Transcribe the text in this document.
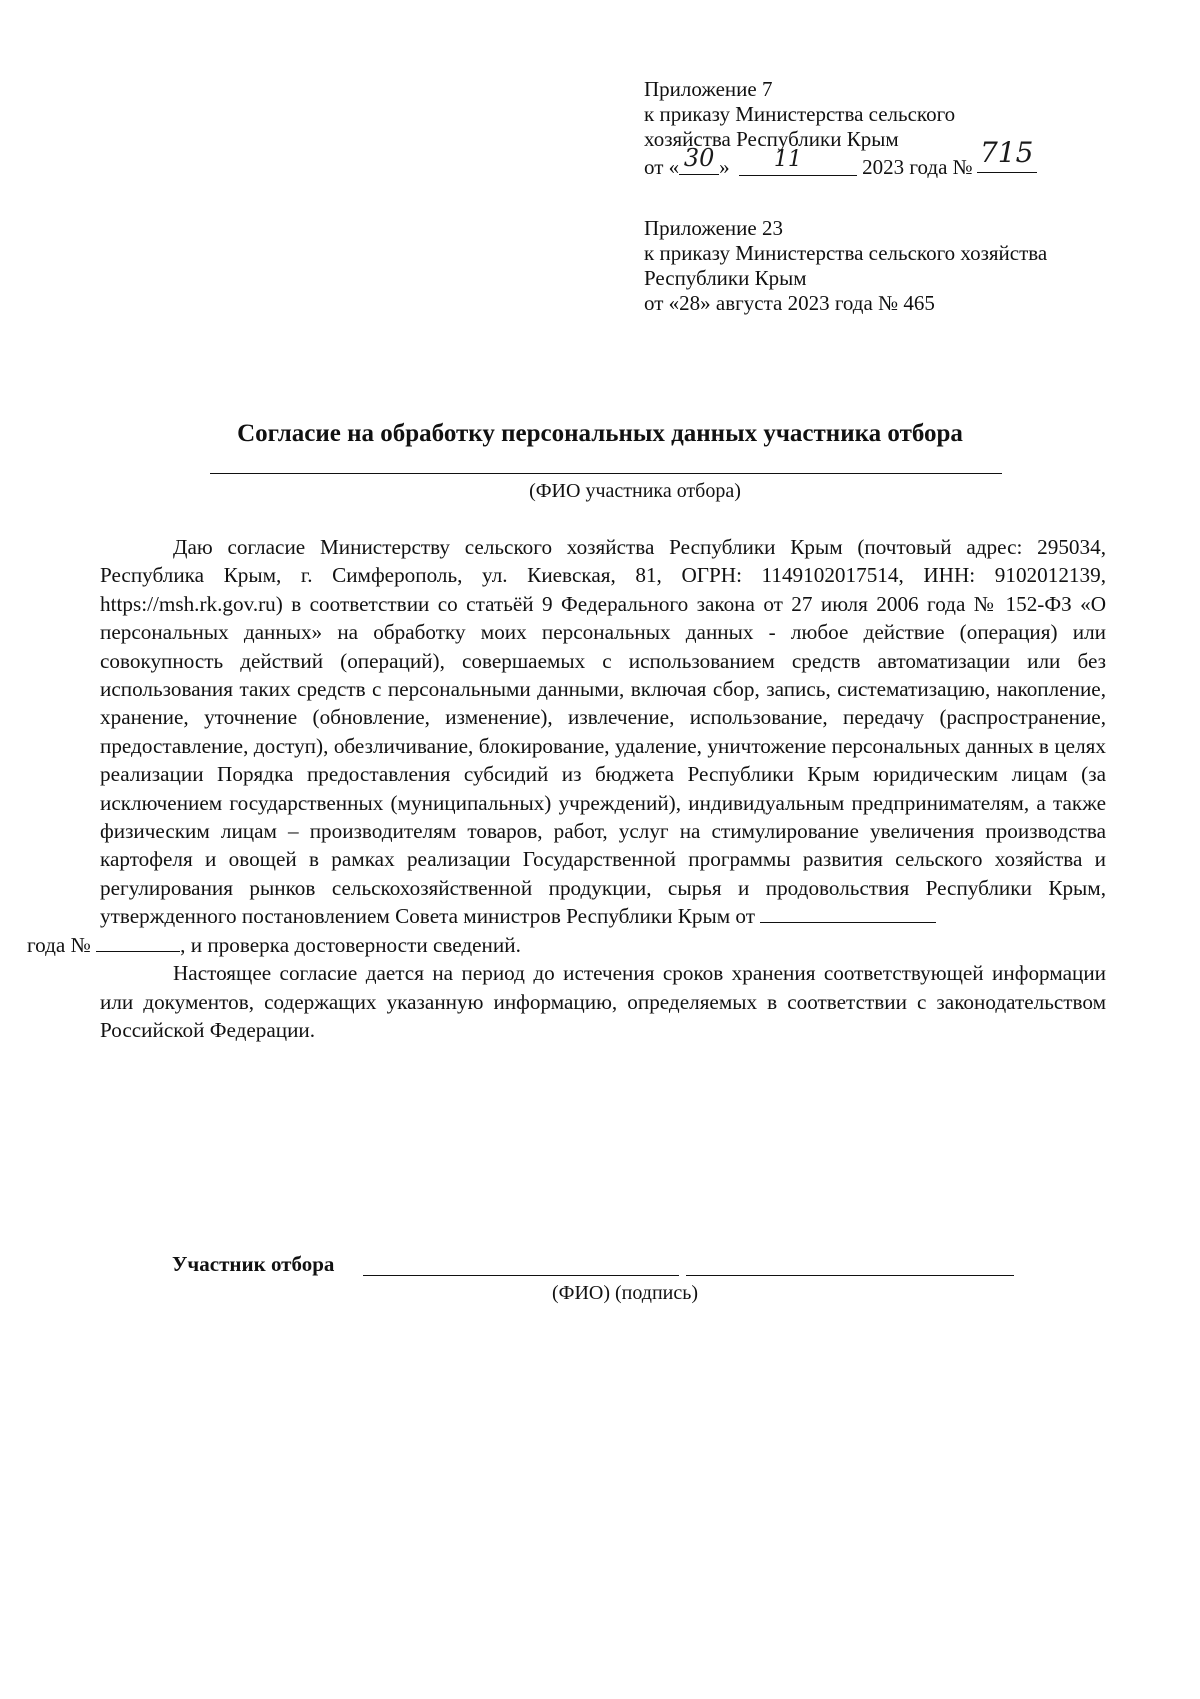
Приложение 7
к приказу Министерства сельского
хозяйства Республики Крым
от « 30 » 11	2023 года № 715
Приложение 23
к приказу Министерства сельского хозяйства
Республики Крым
от «28» августа 2023 года № 465
Согласие на обработку персональных данных участника отбора
(ФИО участника отбора)

Даю согласие Министерству сельского хозяйства Республики Крым (почтовый адрес: 295034, Республика Крым, г. Симферополь, ул. Киевская, 81, ОГРН: 1149102017514, ИНН: 9102012139, https://msh.rk.gov.ru) в соответствии со статьёй 9 Федерального закона от 27 июля 2006 года № 152-ФЗ «О персональных данных» на обработку моих персональных данных - любое действие (операция) или совокупность действий (операций), совершаемых с использованием средств автоматизации или без использования таких средств с персональными данными, включая сбор, запись, систематизацию, накопление, хранение, уточнение (обновление, изменение), извлечение, использование, передачу (распространение, предоставление, доступ), обезличивание, блокирование, удаление, уничтожение персональных данных в целях реализации Порядка предоставления субсидий из бюджета Республики Крым юридическим лицам (за исключением государственных (муниципальных) учреждений), индивидуальным предпринимателям, а также физическим лицам – производителям товаров, работ, услуг на стимулирование увеличения производства картофеля и овощей в рамках реализации Государственной программы развития сельского хозяйства и регулирования рынков сельскохозяйственной продукции, сырья и продовольствия Республики Крым, утвержденного постановлением Совета министров Республики Крым от
года №	, и проверка достоверности сведений.

Настоящее согласие дается на период до истечения сроков хранения соответствующей информации или документов, содержащих указанную информацию, определяемых в соответствии с законодательством Российской Федерации.

Участник отбора
(ФИО) (подпись)
